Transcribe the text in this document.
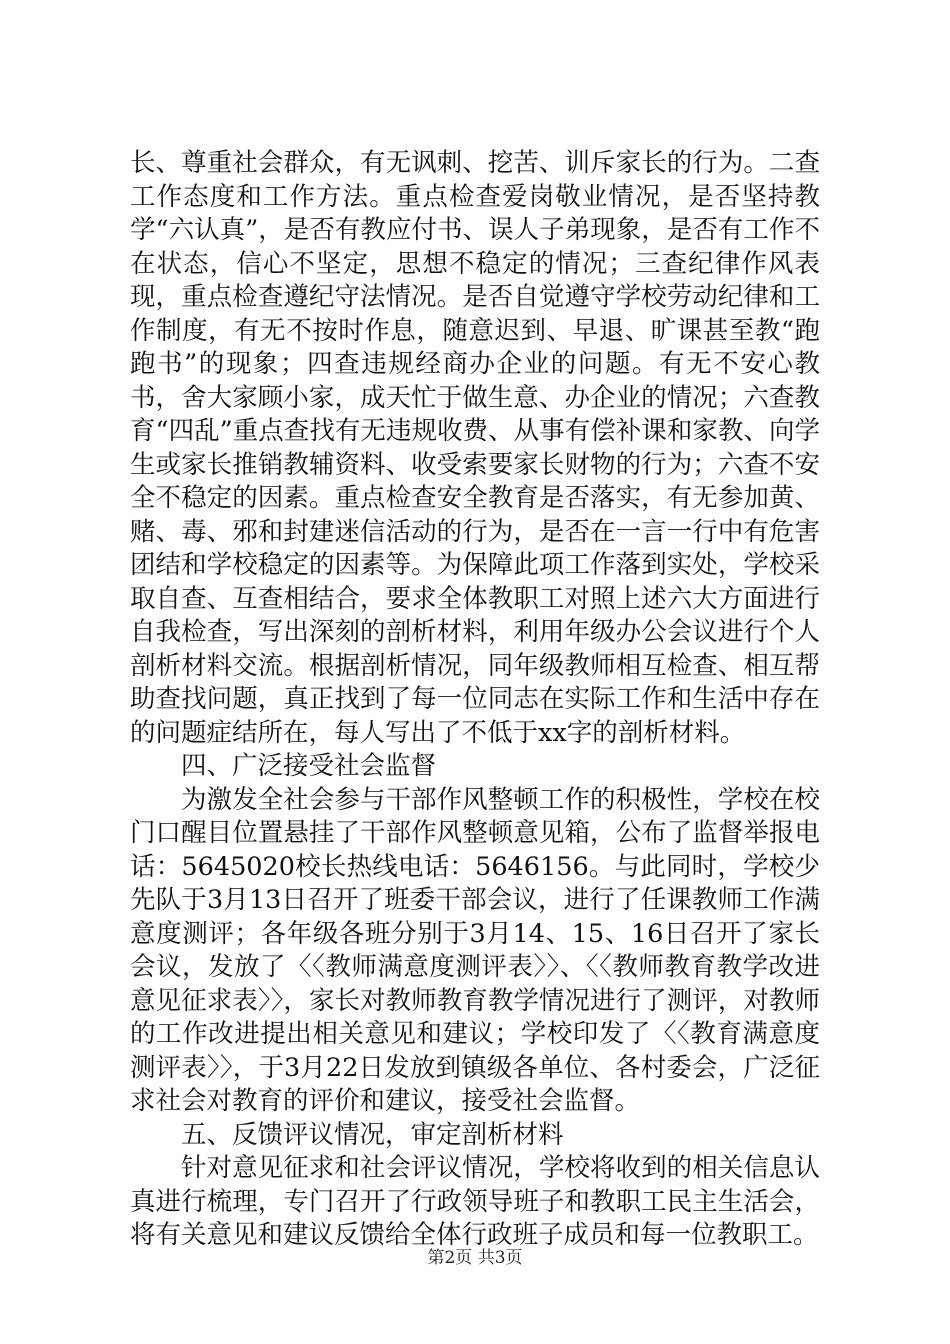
长、尊重社会群众，有无讽刺、挖苦、训斥家长的行为。二查工作态度和工作方法。重点检查爱岗敬业情况，是否坚持教学“六认真”，是否有教应付书、误人子弟现象，是否有工作不在状态，信心不坚定，思想不稳定的情况；三查纪律作风表现，重点检查遵纪守法情况。是否自觉遵守学校劳动纪律和工作制度，有无不按时作息，随意迟到、早退、旷课甚至教“跑跑书”的现象；四查违规经商办企业的问题。有无不安心教书，舍大家顾小家，成天忙于做生意、办企业的情况；六查教育“四乱”重点查找有无违规收费、从事有偿补课和家教、向学生或家长推销教辅资料、收受索要家长财物的行为；六查不安全不稳定的因素。重点检查安全教育是否落实，有无参加黄、赌、毒、邪和封建迷信活动的行为，是否在一言一行中有危害团结和学校稳定的因素等。为保障此项工作落到实处，学校采取自查、互查相结合，要求全体教职工对照上述六大方面进行自我检查，写出深刻的剖析材料，利用年级办公会议进行个人剖析材料交流。根据剖析情况，同年级教师相互检查、相互帮助查找问题，真正找到了每一位同志在实际工作和生活中存在的问题症结所在，每人写出了不低于xx字的剖析材料。

四、广泛接受社会监督

为激发全社会参与干部作风整顿工作的积极性，学校在校门口醒目位置悬挂了干部作风整顿意见箱，公布了监督举报电话：5645020校长热线电话：5646156。与此同时，学校少先队于3月13日召开了班委干部会议，进行了任课教师工作满意度测评；各年级各班分别于3月14、15、16日召开了家长会议，发放了〈〈教师满意度测评表〉〉、〈〈教师教育教学改进意见征求表〉〉，家长对教师教育教学情况进行了测评，对教师的工作改进提出相关意见和建议；学校印发了〈〈教育满意度测评表〉〉，于3月22日发放到镇级各单位、各村委会，广泛征求社会对教育的评价和建议，接受社会监督。

五、反馈评议情况，审定剖析材料

针对意见征求和社会评议情况，学校将收到的相关信息认真进行梳理，专门召开了行政领导班子和教职工民主生活会，将有关意见和建议反馈给全体行政班子成员和每一位教职工。

第2页 共3页
